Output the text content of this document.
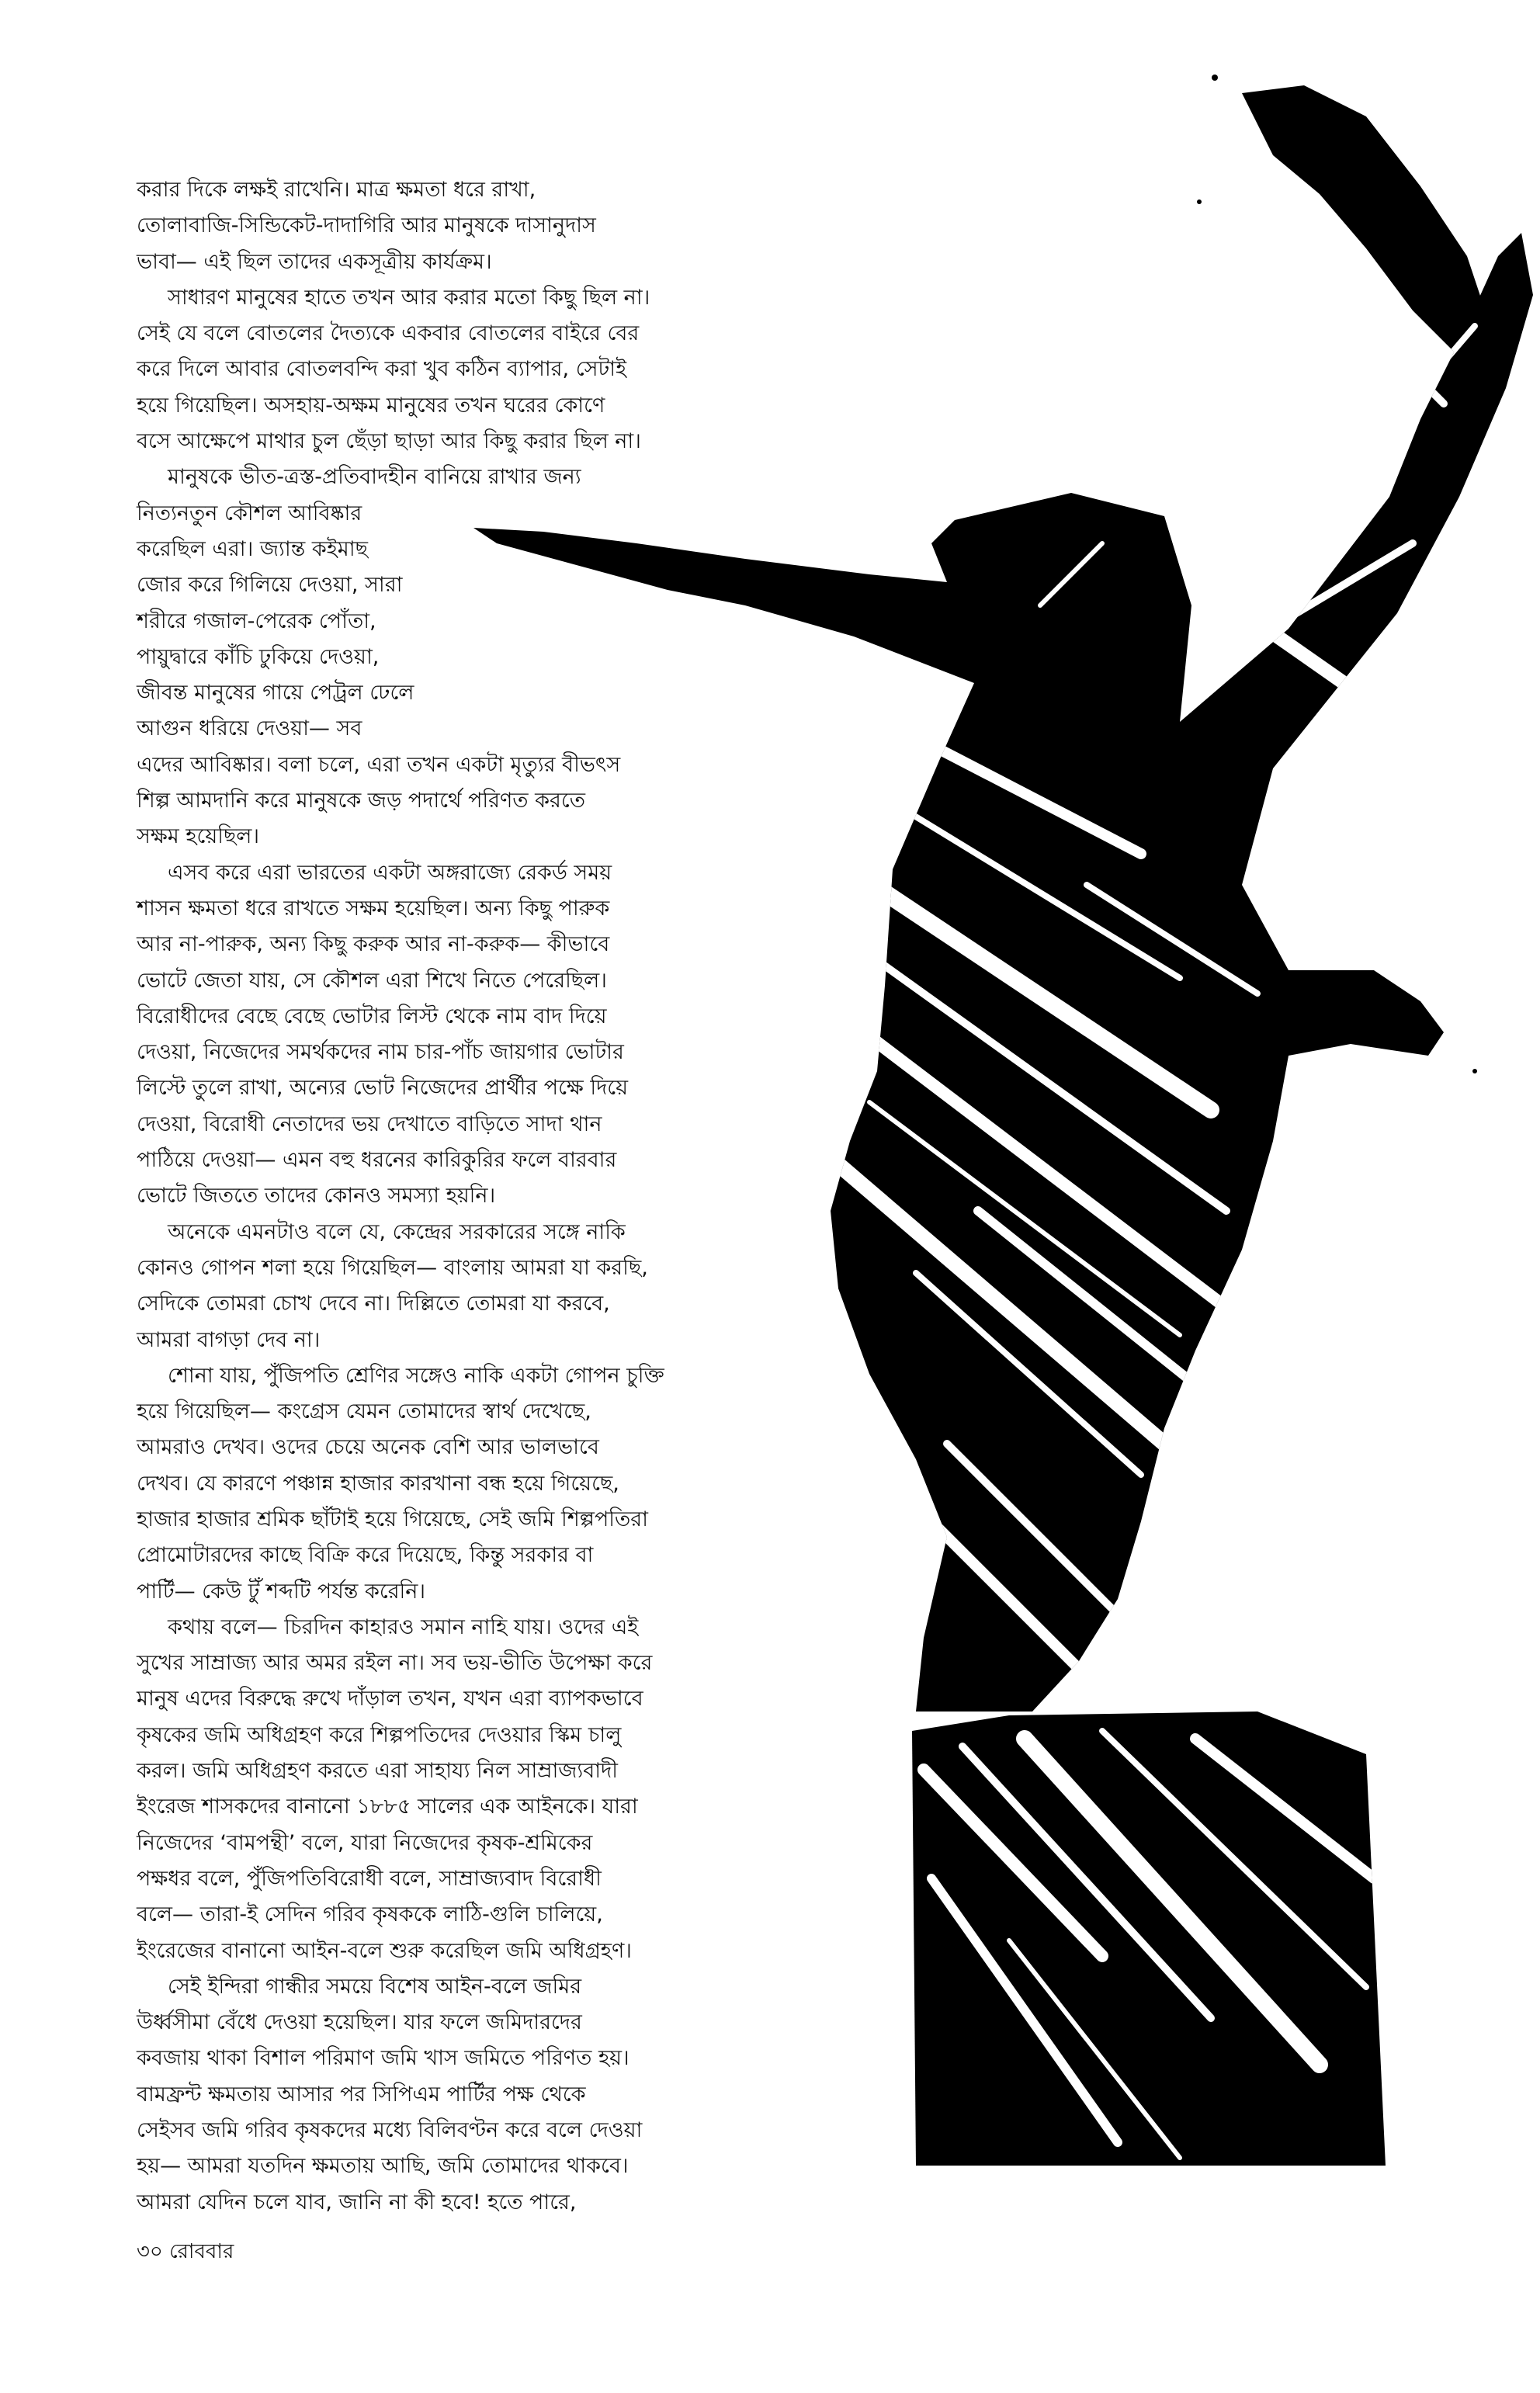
করার দিকে লক্ষই রাখেনি। মাত্র ক্ষমতা ধরে রাখা,
তোলাবাজি-সিন্ডিকেট-দাদাগিরি আর মানুষকে দাসানুদাস
ভাবা— এই ছিল তাদের একসূত্রীয় কার্যক্রম।
সাধারণ মানুষের হাতে তখন আর করার মতো কিছু ছিল না।
সেই যে বলে বোতলের দৈত্যকে একবার বোতলের বাইরে বের
করে দিলে আবার বোতলবন্দি করা খুব কঠিন ব্যাপার, সেটাই
হয়ে গিয়েছিল। অসহায়-অক্ষম মানুষের তখন ঘরের কোণে
বসে আক্ষেপে মাথার চুল ছেঁড়া ছাড়া আর কিছু করার ছিল না।
মানুষকে ভীত-ত্রস্ত-প্রতিবাদহীন বানিয়ে রাখার জন্য
নিত্যনতুন কৌশল আবিষ্কার
করেছিল এরা। জ্যান্ত কইমাছ
জোর করে গিলিয়ে দেওয়া, সারা
শরীরে গজাল-পেরেক পোঁতা,
পায়ুদ্বারে কাঁচি ঢুকিয়ে দেওয়া,
জীবন্ত মানুষের গায়ে পেট্রল ঢেলে
আগুন ধরিয়ে দেওয়া— সব
এদের আবিষ্কার। বলা চলে, এরা তখন একটা মৃত্যুর বীভৎস
শিল্প আমদানি করে মানুষকে জড় পদার্থে পরিণত করতে
সক্ষম হয়েছিল।
এসব করে এরা ভারতের একটা অঙ্গরাজ্যে রেকর্ড সময়
শাসন ক্ষমতা ধরে রাখতে সক্ষম হয়েছিল। অন্য কিছু পারুক
আর না-পারুক, অন্য কিছু করুক আর না-করুক— কীভাবে
ভোটে জেতা যায়, সে কৌশল এরা শিখে নিতে পেরেছিল।
বিরোধীদের বেছে বেছে ভোটার লিস্ট থেকে নাম বাদ দিয়ে
দেওয়া, নিজেদের সমর্থকদের নাম চার-পাঁচ জায়গার ভোটার
লিস্টে তুলে রাখা, অন্যের ভোট নিজেদের প্রার্থীর পক্ষে দিয়ে
দেওয়া, বিরোধী নেতাদের ভয় দেখাতে বাড়িতে সাদা থান
পাঠিয়ে দেওয়া— এমন বহু ধরনের কারিকুরির ফলে বারবার
ভোটে জিততে তাদের কোনও সমস্যা হয়নি।
অনেকে এমনটাও বলে যে, কেন্দ্রের সরকারের সঙ্গে নাকি
কোনও গোপন শলা হয়ে গিয়েছিল— বাংলায় আমরা যা করছি,
সেদিকে তোমরা চোখ দেবে না। দিল্লিতে তোমরা যা করবে,
আমরা বাগড়া দেব না।
শোনা যায়, পুঁজিপতি শ্রেণির সঙ্গেও নাকি একটা গোপন চুক্তি
হয়ে গিয়েছিল— কংগ্রেস যেমন তোমাদের স্বার্থ দেখেছে,
আমরাও দেখব। ওদের চেয়ে অনেক বেশি আর ভালভাবে
দেখব। যে কারণে পঞ্চান্ন হাজার কারখানা বন্ধ হয়ে গিয়েছে,
হাজার হাজার শ্রমিক ছাঁটাই হয়ে গিয়েছে, সেই জমি শিল্পপতিরা
প্রোমোটারদের কাছে বিক্রি করে দিয়েছে, কিন্তু সরকার বা
পার্টি— কেউ টুঁ শব্দটি পর্যন্ত করেনি।
কথায় বলে— চিরদিন কাহারও সমান নাহি যায়। ওদের এই
সুখের সাম্রাজ্য আর অমর রইল না। সব ভয়-ভীতি উপেক্ষা করে
মানুষ এদের বিরুদ্ধে রুখে দাঁড়াল তখন, যখন এরা ব্যাপকভাবে
কৃষকের জমি অধিগ্রহণ করে শিল্পপতিদের দেওয়ার স্কিম চালু
করল। জমি অধিগ্রহণ করতে এরা সাহায্য নিল সাম্রাজ্যবাদী
ইংরেজ শাসকদের বানানো ১৮৮৫ সালের এক আইনকে। যারা
নিজেদের ‘বামপন্থী’ বলে, যারা নিজেদের কৃষক-শ্রমিকের
পক্ষধর বলে, পুঁজিপতিবিরোধী বলে, সাম্রাজ্যবাদ বিরোধী
বলে— তারা-ই সেদিন গরিব কৃষককে লাঠি-গুলি চালিয়ে,
ইংরেজের বানানো আইন-বলে শুরু করেছিল জমি অধিগ্রহণ।
সেই ইন্দিরা গান্ধীর সময়ে বিশেষ আইন-বলে জমির
উর্ধ্বসীমা বেঁধে দেওয়া হয়েছিল। যার ফলে জমিদারদের
কবজায় থাকা বিশাল পরিমাণ জমি খাস জমিতে পরিণত হয়।
বামফ্রন্ট ক্ষমতায় আসার পর সিপিএম পার্টির পক্ষ থেকে
সেইসব জমি গরিব কৃষকদের মধ্যে বিলিবণ্টন করে বলে দেওয়া
হয়— আমরা যতদিন ক্ষমতায় আছি, জমি তোমাদের থাকবে।
আমরা যেদিন চলে যাব, জানি না কী হবে! হতে পারে,
৩০ রোববার
